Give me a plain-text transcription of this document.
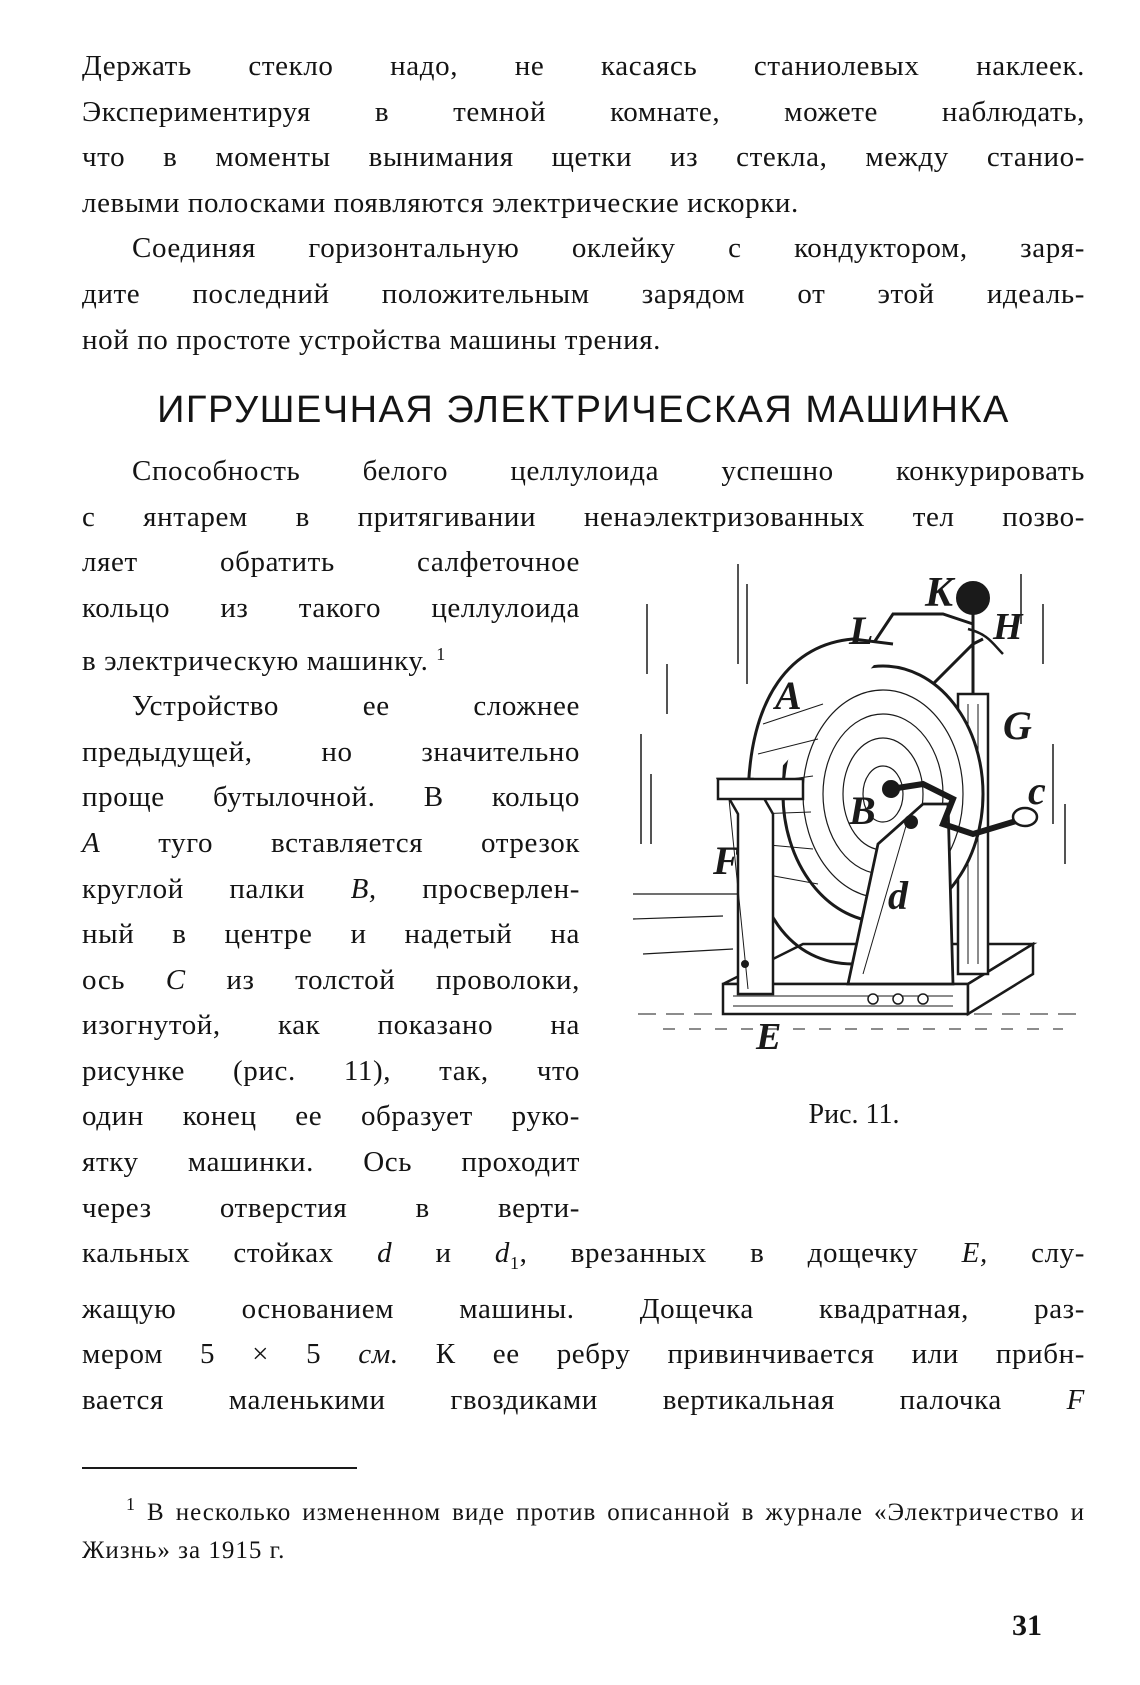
Держать стекло надо, не касаясь станиолевых наклеек.

Экспериментируя в темной комнате, можете наблюдать,

что в моменты вынимания щетки из стекла, между станио-

левыми полосками появляются электрические искорки.

Соединяя горизонтальную оклейку с кондуктором, заря-

дите последний положительным зарядом от этой идеаль-

ной по простоте устройства машины трения.

ИГРУШЕЧНАЯ ЭЛЕКТРИЧЕСКАЯ МАШИНКА

Способность белого целлулоида успешно конкурировать

с янтарем в притягивании ненаэлектризованных тел позво-

K
H
L
A
G
B	c
F
d
E
Рис. 11.

ляет обратить салфеточное

кольцо из такого целлулоида

в электрическую машинку. $^1$

Устройство ее сложнее

предыдущей, но значительно

проще бутылочной. В кольцо

A туго вставляется отрезок

круглой палки B, просверлен-

ный в центре и надетый на

ось C из толстой проволоки,

изогнутой, как показано на

рисунке (рис. 11), так, что

один конец ее образует руко-

ятку машинки. Ось проходит

через отверстия в верти-

кальных стойках d и $d_1$, врезанных в дощечку E, слу-

жащую основанием машины. Дощечка квадратная, раз-

мером 5 × 5 см. К ее ребру привинчивается или прибн-

вается маленькими гвоздиками вертикальная палочка F

$^1$ В несколько измененном виде против описанной в журнале «Электричество и Жизнь» за 1915 г.

31
